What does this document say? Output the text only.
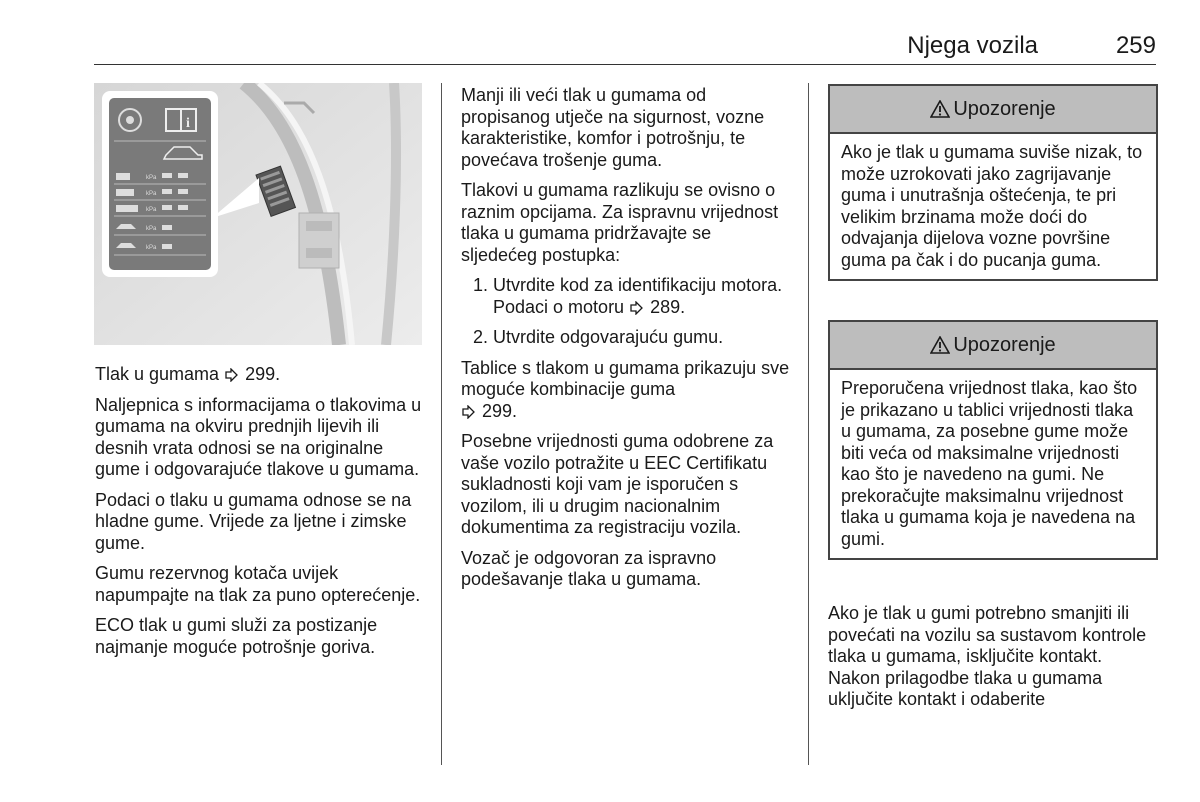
Njega vozila	259
i
kPa
kPa
kPa
kPa
kPa

Tlak u gumama 299.

Naljepnica s informacijama o tlakovima u gumama na okviru prednjih lijevih ili desnih vrata odnosi se na originalne gume i odgovarajuće tlakove u gumama.

Podaci o tlaku u gumama odnose se na hladne gume. Vrijede za ljetne i zimske gume.

Gumu rezervnog kotača uvijek napumpajte na tlak za puno opterećenje.

ECO tlak u gumi služi za postizanje najmanje moguće potrošnje goriva.

Manji ili veći tlak u gumama od propisanog utječe na sigurnost, vozne karakteristike, komfor i potrošnju, te povećava trošenje guma.

Tlakovi u gumama razlikuju se ovisno o raznim opcijama. Za ispravnu vrijednost tlaka u gumama pridržavajte se sljedećeg postupka:

1. Utvrdite kod za identifikaciju motora. Podaci o motoru 289.
2. Utvrdite odgovarajuću gumu.

Tablice s tlakom u gumama prikazuju sve moguće kombinacije guma
299.

Posebne vrijednosti guma odobrene za vaše vozilo potražite u EEC Certifikatu sukladnosti koji vam je isporučen s vozilom, ili u drugim nacionalnim dokumentima za registraciju vozila.

Vozač je odgovoran za ispravno podešavanje tlaka u gumama.

Upozorenje
Ako je tlak u gumama suviše nizak, to može uzrokovati jako zagrijavanje guma i unutrašnja oštećenja, te pri velikim brzinama može doći do odvajanja dijelova vozne površine guma pa čak i do pucanja guma.
Upozorenje
Preporučena vrijednost tlaka, kao što je prikazano u tablici vrijednosti tlaka u gumama, za posebne gume može biti veća od maksimalne vrijednosti kao što je navedeno na gumi. Ne prekoračujte maksimalnu vrijednost tlaka u gumama koja je navedena na gumi.

Ako je tlak u gumi potrebno smanjiti ili povećati na vozilu sa sustavom kontrole tlaka u gumama, isključite kontakt. Nakon prilagodbe tlaka u gumama uključite kontakt i odaberite
